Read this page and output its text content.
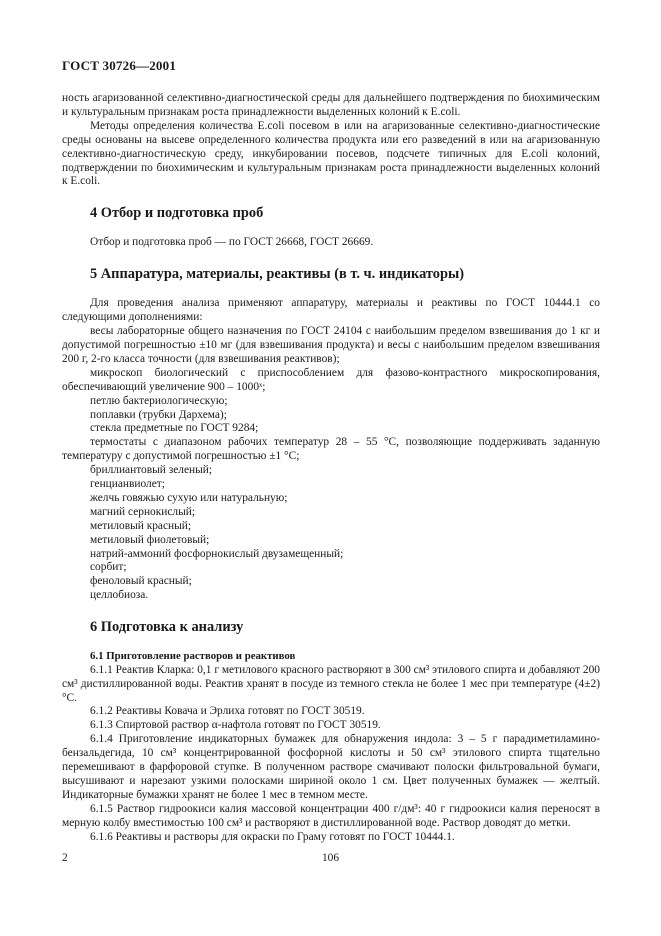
ГОСТ 30726—2001

ность агаризованной селективно-диагностической среды для дальнейшего подтверждения по биохимическим и культуральным признакам роста принадлежности выделенных колоний к E.coli.

Методы определения количества E.coli посевом в или на агаризованные селективно-диагностические среды основаны на высеве определенного количества продукта или его разведений в или на агаризованную селективно-диагностическую среду, инкубировании посевов, подсчете типичных для E.coli колоний, подтверждении по биохимическим и культуральным признакам роста принадлежности выделенных колоний к E.coli.

4 Отбор и подготовка проб

Отбор и подготовка проб — по ГОСТ 26668, ГОСТ 26669.

5 Аппаратура, материалы, реактивы (в т. ч. индикаторы)

Для проведения анализа применяют аппаратуру, материалы и реактивы по ГОСТ 10444.1 со следующими дополнениями:

весы лабораторные общего назначения по ГОСТ 24104 с наибольшим пределом взвешивания до 1 кг и допустимой погрешностью ±10 мг (для взвешивания продукта) и весы с наибольшим пределом взвешивания 200 г, 2-го класса точности (для взвешивания реактивов);

микроскоп биологический с приспособлением для фазово-контрастного микроскопирования, обеспечивающий увеличение 900 – 1000ˣ;

петлю бактериологическую;

поплавки (трубки Дархема);

стекла предметные по ГОСТ 9284;

термостаты с диапазоном рабочих температур 28 – 55 °С, позволяющие поддерживать заданную температуру с допустимой погрешностью ±1 °С;

бриллиантовый зеленый;

генцианвиолет;

желчь говяжью сухую или натуральную;

магний сернокислый;

метиловый красный;

метиловый фиолетовый;

натрий-аммоний фосфорнокислый двузамещенный;

сорбит;

феноловый красный;

целлобиоза.

6 Подготовка к анализу
6.1 Приготовление растворов и реактивов

6.1.1 Реактив Кларка: 0,1 г метилового красного растворяют в 300 см³ этилового спирта и добавляют 200 см³ дистиллированной воды. Реактив хранят в посуде из темного стекла не более 1 мес при температуре (4±2) °С.

6.1.2 Реактивы Ковача и Эрлиха готовят по ГОСТ 30519.

6.1.3 Спиртовой раствор α-нафтола готовят по ГОСТ 30519.

6.1.4 Приготовление индикаторных бумажек для обнаружения индола: 3 – 5 г парадиметиламинобензальдегида, 10 см³ концентрированной фосфорной кислоты и 50 см³ этилового спирта тщательно перемешивают в фарфоровой ступке. В полученном растворе смачивают полоски фильтровальной бумаги, высушивают и нарезают узкими полосками шириной около 1 см. Цвет полученных бумажек — желтый. Индикаторные бумажки хранят не более 1 мес в темном месте.

6.1.5 Раствор гидроокиси калия массовой концентрации 400 г/дм³: 40 г гидроокиси калия переносят в мерную колбу вместимостью 100 см³ и растворяют в дистиллированной воде. Раствор доводят до метки.

6.1.6 Реактивы и растворы для окраски по Граму готовят по ГОСТ 10444.1.

106
2
